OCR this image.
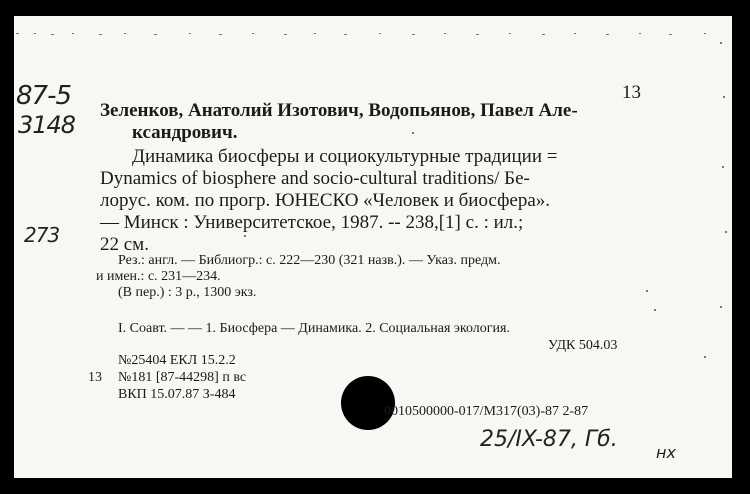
13
87-5
3148
273
Зеленков, Анатолий Изотович, Водопьянов, Павел Але-
ксандрович.
Динамика биосферы и социокультурные традиции =
Dynamics of biosphere and socio-cultural traditions/ Бе-
лорус. ком. по прогр. ЮНЕСКО «Человек и биосфера».
— Минск : Университетское, 1987. -- 238,[1] с. : ил.;
22 см.
Рез.: англ. — Библиогр.: с. 222—230 (321 назв.). — Указ. предм.
и имен.: с. 231—234.
(В пер.) : 3 р., 1300 экз.
I. Соавт. — — 1. Биосфера — Динамика. 2. Социальная экология.
УДК 504.03
№25404 ЕКЛ 15.2.2
13 №181 [87-44298] п вс
ВКП 15.07.87 З-484
0010500000-017/М317(03)-87 2-87
25/IX-87, Гб.
нх
